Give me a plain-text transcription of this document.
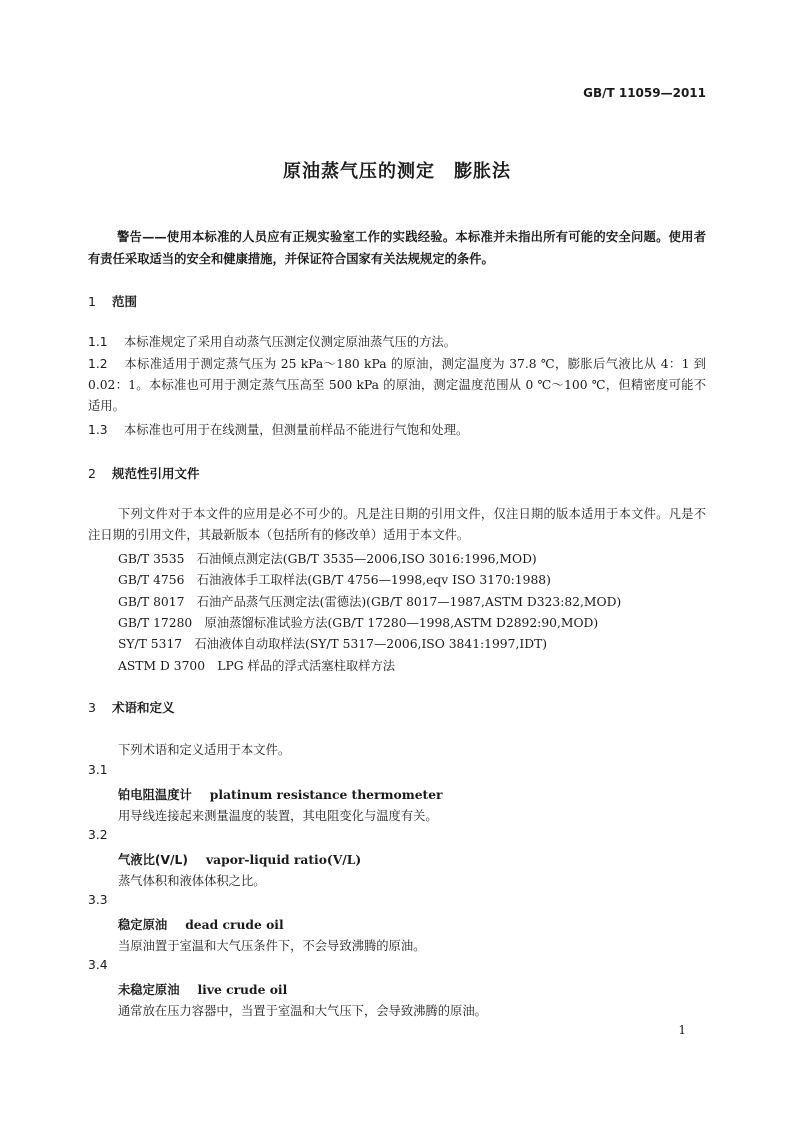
GB/T 11059—2011
原油蒸气压的测定　膨胀法
警告——使用本标准的人员应有正规实验室工作的实践经验。本标准并未指出所有可能的安全问题。使用者有责任采取适当的安全和健康措施，并保证符合国家有关法规规定的条件。
1 范围
1.1 本标准规定了采用自动蒸气压测定仪测定原油蒸气压的方法。
1.2 本标准适用于测定蒸气压为 25 kPa～180 kPa 的原油，测定温度为 37.8 ℃，膨胀后气液比从 4：1 到 0.02：1。本标准也可用于测定蒸气压高至 500 kPa 的原油，测定温度范围从 0 ℃～100 ℃，但精密度可能不适用。
1.3 本标准也可用于在线测量，但测量前样品不能进行气饱和处理。
2 规范性引用文件
下列文件对于本文件的应用是必不可少的。凡是注日期的引用文件，仅注日期的版本适用于本文件。凡是不注日期的引用文件，其最新版本（包括所有的修改单）适用于本文件。
GB/T 3535　石油倾点测定法(GB/T 3535—2006,ISO 3016:1996,MOD)
GB/T 4756　石油液体手工取样法(GB/T 4756—1998,eqv ISO 3170:1988)
GB/T 8017　石油产品蒸气压测定法(雷德法)(GB/T 8017—1987,ASTM D323:82,MOD)
GB/T 17280　原油蒸馏标准试验方法(GB/T 17280—1998,ASTM D2892:90,MOD)
SY/T 5317　石油液体自动取样法(SY/T 5317—2006,ISO 3841:1997,IDT)
ASTM D 3700　LPG 样品的浮式活塞柱取样方法
3 术语和定义
下列术语和定义适用于本文件。
3.1
铂电阻温度计 platinum resistance thermometer
用导线连接起来测量温度的装置，其电阻变化与温度有关。
3.2
气液比(V/L) vapor-liquid ratio(V/L)
蒸气体积和液体体积之比。
3.3
稳定原油 dead crude oil
当原油置于室温和大气压条件下，不会导致沸腾的原油。
3.4
未稳定原油 live crude oil
通常放在压力容器中，当置于室温和大气压下，会导致沸腾的原油。
1
